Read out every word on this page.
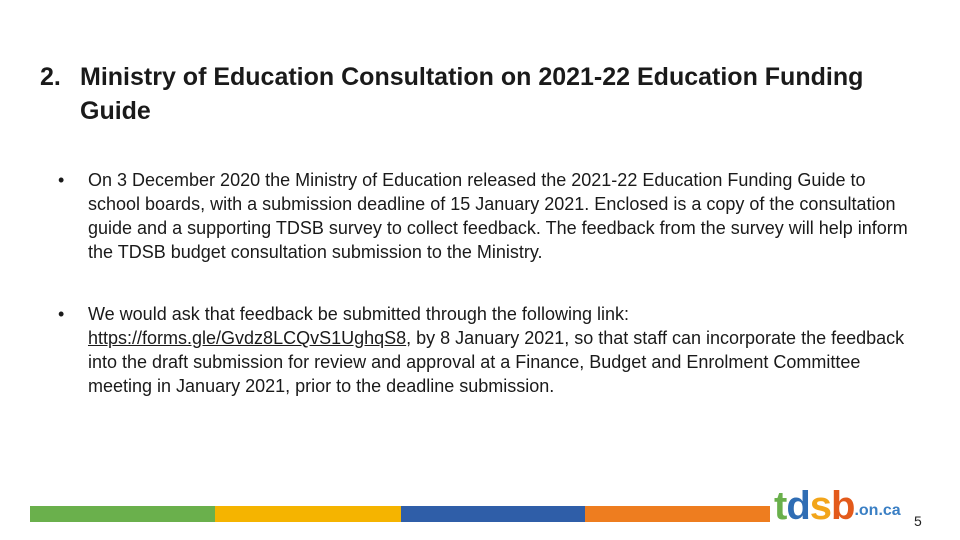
2. Ministry of Education Consultation on 2021-22 Education Funding Guide
•	On 3 December 2020 the Ministry of Education released the 2021-22 Education Funding Guide to school boards, with a submission deadline of 15 January 2021. Enclosed is a copy of the consultation guide and a supporting TDSB survey to collect feedback. The feedback from the survey will help inform the TDSB budget consultation submission to the Ministry.
•	We would ask that feedback be submitted through the following link: https://forms.gle/Gvdz8LCQvS1UghqS8, by 8 January 2021, so that staff can incorporate the feedback into the draft submission for review and approval at a Finance, Budget and Enrolment Committee meeting in January 2021, prior to the deadline submission.
tdsb.on.ca
5
